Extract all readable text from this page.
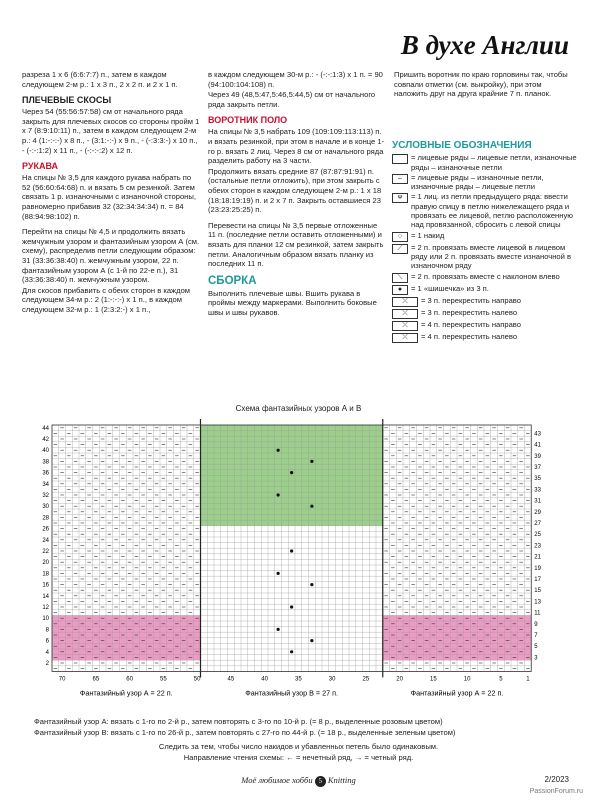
В духе Англии

разреза 1 х 6 (6:6:7:7) п., затем в каждом следующем 2-м р.: 1 х 3 п., 2 х 2 п. и 2 х 1 п.

ПЛЕЧЕВЫЕ СКОСЫ

Через 54 (55:56:57:58) см от начального ряда закрыть для плечевых скосов со стороны пройм 1 х 7 (8:9:10:11) п., затем в каждом следующем 2-м р.: 4 (1:-:-:-) х 8 п., - (3:1:-:-) х 9 п., - (-:3:3:-) х 10 п., - (-:-:1:2) х 11 п., - (-:-:-:2) х 12 п.

РУКАВА

На спицы № 3,5 для каждого рукава набрать по 52 (56:60:64:68) п. и вязать 5 см резинкой. Затем связать 1 р. изнаночными с изнаночной стороны, равномерно прибавив 32 (32:34:34:34) п. = 84 (88:94:98:102) п.

Перейти на спицы № 4,5 и продолжить вязать жемчужным узором и фантазийным узором А (см. схему), распределив петли следующим образом: 31 (33:36:38:40) п. жемчужным узором, 22 п. фантазийным узором А (с 1-й по 22-е п.), 31 (33:36:38:40) п. жемчужным узором.

Для скосов прибавить с обеих сторон в каждом следующем 34-м р.: 2 (1:-:-:-) х 1 п., в каждом следующем 32-м р.: 1 (2:3:2:-) х 1 п.,

в каждом следующем 30-м р.: - (-:-:1:3) х 1 п. = 90 (94:100:104:108) п.

Через 49 (48,5:47,5:46,5:44,5) см от начального ряда закрыть петли.

ВОРОТНИК ПОЛО

На спицы № 3,5 набрать 109 (109:109:113:113) п. и вязать резинкой, при этом в начале и в конце 1-го р. вязать 2 лиц. Через 8 см от начального ряда разделить работу на 3 части.

Продолжить вязать средние 87 (87:87:91:91) п. (остальные петли отложить), при этом закрыть с обеих сторон в каждом следующем 2-м р.: 1 х 18 (18:18:19:19) п. и 2 х 7 п. Закрыть оставшиеся 23 (23:23:25:25) п.

Перевести на спицы № 3,5 первые отложенные 11 п. (последние петли оставить отложенными) и вязать для планки 12 см резинкой, затем закрыть петли. Аналогичным образом вязать планку из последних 11 п.

СБОРКА

Выполнить плечевые швы. Вшить рукава в проймы между маркерами. Выполнить боковые швы и швы рукавов.

Пришить воротник по краю горловины так, чтобы совпали отметки (см. выкройку), при этом наложить друг на друга крайние 7 п. планок.

УСЛОВНЫЕ ОБОЗНАЧЕНИЯ
= лицевые ряды – лицевые петли, изнаночные ряды – изнаночные петли
–	= лицевые ряды – изнаночные петли, изнаночные ряды – лицевые петли
ᴪ	= 1 лиц. из петли предыдущего ряда: ввести правую спицу в петлю нижележащего ряда и провязать ее лицевой, петлю расположенную над провязанной, сбросить с левой спицы
○	= 1 накид
⟋	= 2 п. провязать вместе лицевой в лицевом ряду или 2 п. провязать вместе изнаночной в изнаночном ряду
⟍	= 2 п. провязать вместе с наклоном влево
●	= 1 «шишечка» из 3 п.
⤫	= 3 п. перекрестить направо
⤫	= 3 п. перекрестить налево
⤫	= 4 п. перекрестить направо
⤫	= 4 п. перекрестить налево
Схема фантазийных узоров А и В
44
42
40
38
36
34
32
30
28
26
24
22
20
18
16
14
12
10
8
6
4
2
43
41
39
37
35
33
31
29
27
25
23
21
19
17
15
13
11
9
7
5
3
70	65	60	55	50	45	40	35	30	25	20	15	10	5	1
Фантазийный узор А = 22 п.	Фантазийный узор В = 27 п.	Фантазийный узор А = 22 п.
Фантазийный узор А: вязать с 1-го по 2-й р., затем повторять с 3-го по 10-й р. (= 8 р., выделенные розовым цветом)
Фантазийный узор В: вязать с 1-го по 26-й р., затем повторять с 27-го по 44-й р. (= 18 р., выделенные зеленым цветом)
Следить за тем, чтобы число накидов и убавленных петель было одинаковым.
Направление чтения схемы: ← = нечетный ряд, → = четный ряд.
Моё любимое хобби 5 Knitting	2/2023
PassionForum.ru
